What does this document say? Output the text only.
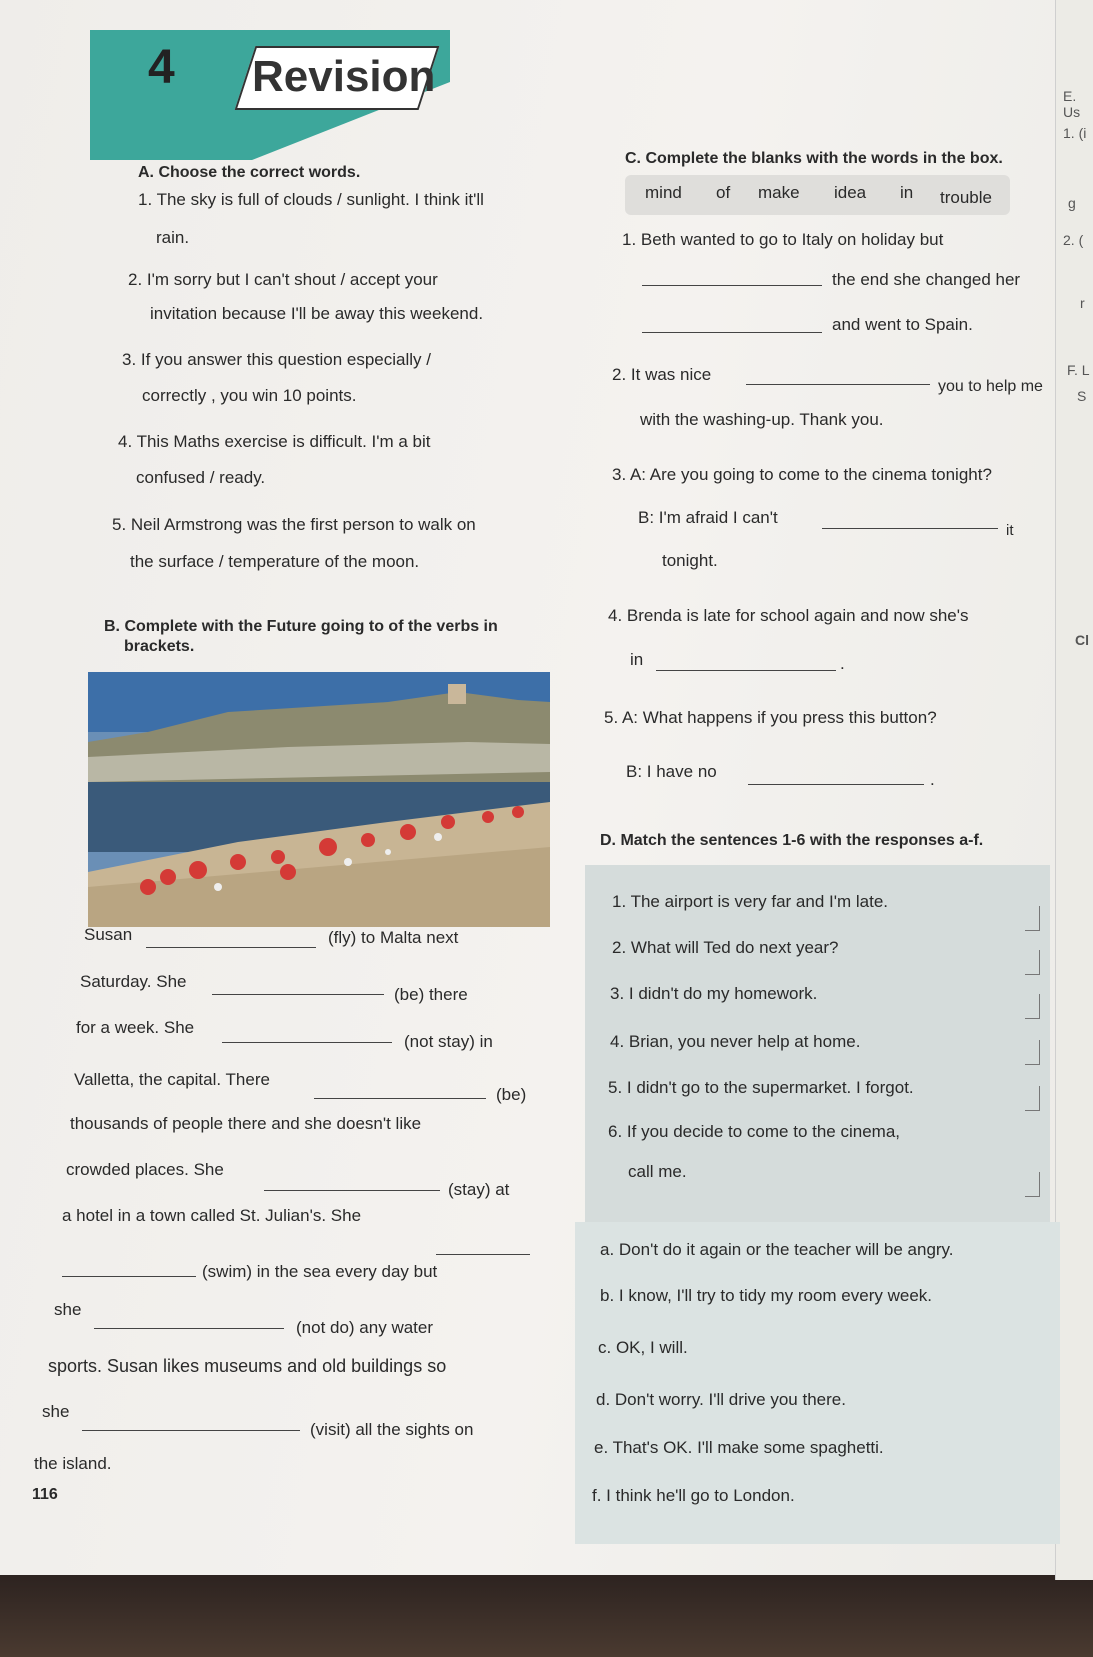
E. Us
1. (i
g
2. (
r
F. L
S
Cl
4 Revision
A. Choose the correct words.
1. The sky is full of clouds / sunlight. I think it'll
rain.
2. I'm sorry but I can't shout / accept your
invitation because I'll be away this weekend.
3. If you answer this question especially /
correctly , you win 10 points.
4. This Maths exercise is difficult. I'm a bit
confused / ready.
5. Neil Armstrong was the first person to walk on
the surface / temperature of the moon.
B. Complete with the Future going to of the verbs in
brackets.
Susan	(fly) to Malta next
Saturday. She
(be) there
for a week. She
(not stay) in
Valletta, the capital. There
(be)
thousands of people there and she doesn't like
crowded places. She
(stay) at
a hotel in a town called St. Julian's. She
(swim) in the sea every day but
she
(not do) any water
sports. Susan likes museums and old buildings so
she
(visit) all the sights on
the island.
116
C. Complete the blanks with the words in the box.
mind of make idea in trouble
1. Beth wanted to go to Italy on holiday but
the end she changed her
and went to Spain.
2. It was nice
you to help me
with the washing-up. Thank you.
3. A: Are you going to come to the cinema tonight?
B: I'm afraid I can't
it
tonight.
4. Brenda is late for school again and now she's
in	.
5. A: What happens if you press this button?
B: I have no	.
D. Match the sentences 1-6 with the responses a-f.
1. The airport is very far and I'm late.
2. What will Ted do next year?
3. I didn't do my homework.
4. Brian, you never help at home.
5. I didn't go to the supermarket. I forgot.
6. If you decide to come to the cinema,
call me.
a. Don't do it again or the teacher will be angry.
b. I know, I'll try to tidy my room every week.
c. OK, I will.
d. Don't worry. I'll drive you there.
e. That's OK. I'll make some spaghetti.
f. I think he'll go to London.
